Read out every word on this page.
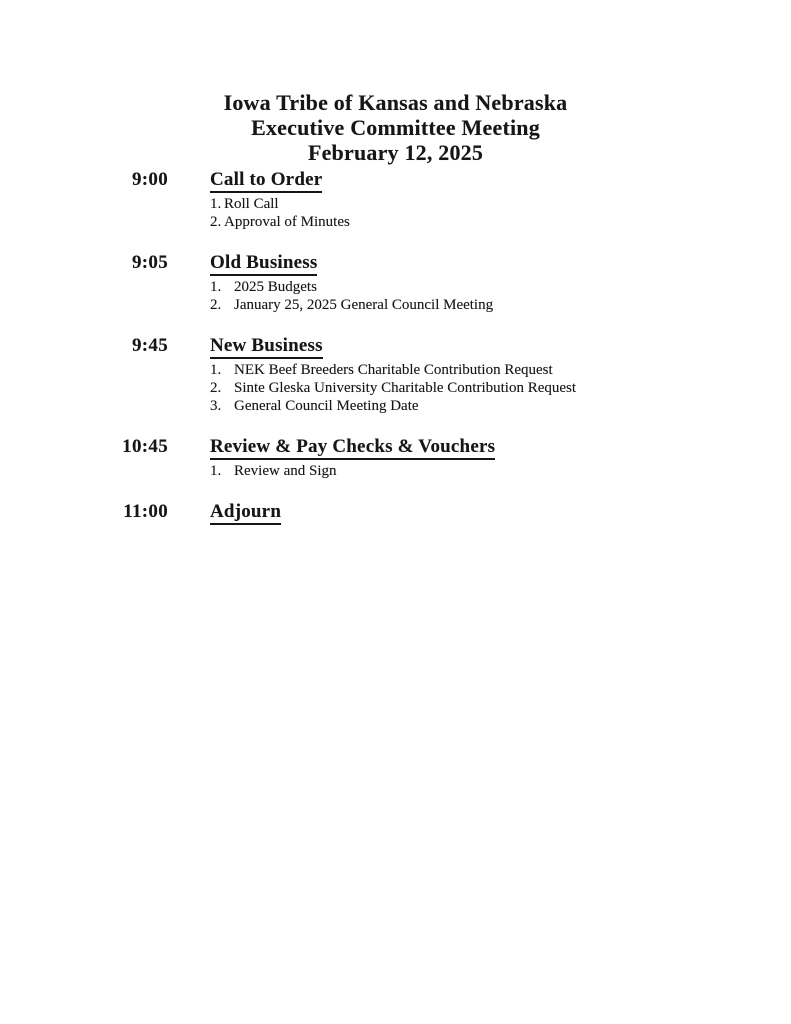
Iowa Tribe of Kansas and Nebraska
Executive Committee Meeting
February 12, 2025
9:00 Call to Order
1. Roll Call
2. Approval of Minutes
9:05 Old Business
1. 2025 Budgets
2. January 25, 2025 General Council Meeting
9:45 New Business
1. NEK Beef Breeders Charitable Contribution Request
2. Sinte Gleska University Charitable Contribution Request
3. General Council Meeting Date
10:45 Review & Pay Checks & Vouchers
1. Review and Sign
11:00 Adjourn
